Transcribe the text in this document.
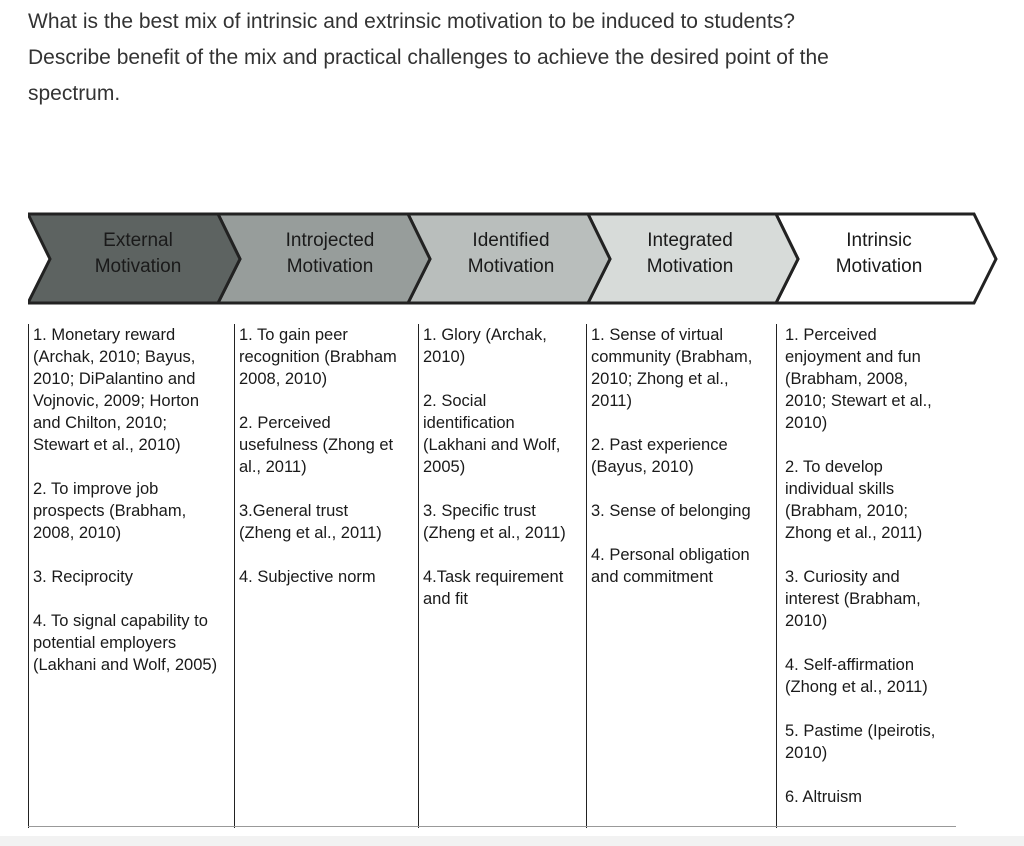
What is the best mix of intrinsic and extrinsic motivation to be induced to students?

Describe benefit of the mix and practical challenges to achieve the desired point of the

spectrum.

External
Motivation
Introjected
Motivation
Identified
Motivation
Integrated
Motivation
Intrinsic
Motivation
1. Monetary reward
(Archak, 2010; Bayus,
2010; DiPalantino and
Vojnovic, 2009; Horton
and Chilton, 2010;
Stewart et al., 2010)
2. To improve job
prospects (Brabham,
2008, 2010)
3. Reciprocity
4. To signal capability to
potential employers
(Lakhani and Wolf, 2005)
1. To gain peer
recognition (Brabham
2008, 2010)
2. Perceived
usefulness (Zhong et
al., 2011)
3.General trust
(Zheng et al., 2011)
4. Subjective norm
1. Glory (Archak,
2010)
2. Social
identification
(Lakhani and Wolf,
2005)
3. Specific trust
(Zheng et al., 2011)
4.Task requirement
and fit
1. Sense of virtual
community (Brabham,
2010; Zhong et al.,
2011)
2. Past experience
(Bayus, 2010)
3. Sense of belonging
4. Personal obligation
and commitment
1. Perceived
enjoyment and fun
(Brabham, 2008,
2010; Stewart et al.,
2010)
2. To develop
individual skills
(Brabham, 2010;
Zhong et al., 2011)
3. Curiosity and
interest (Brabham,
2010)
4. Self-affirmation
(Zhong et al., 2011)
5. Pastime (Ipeirotis,
2010)
6. Altruism
